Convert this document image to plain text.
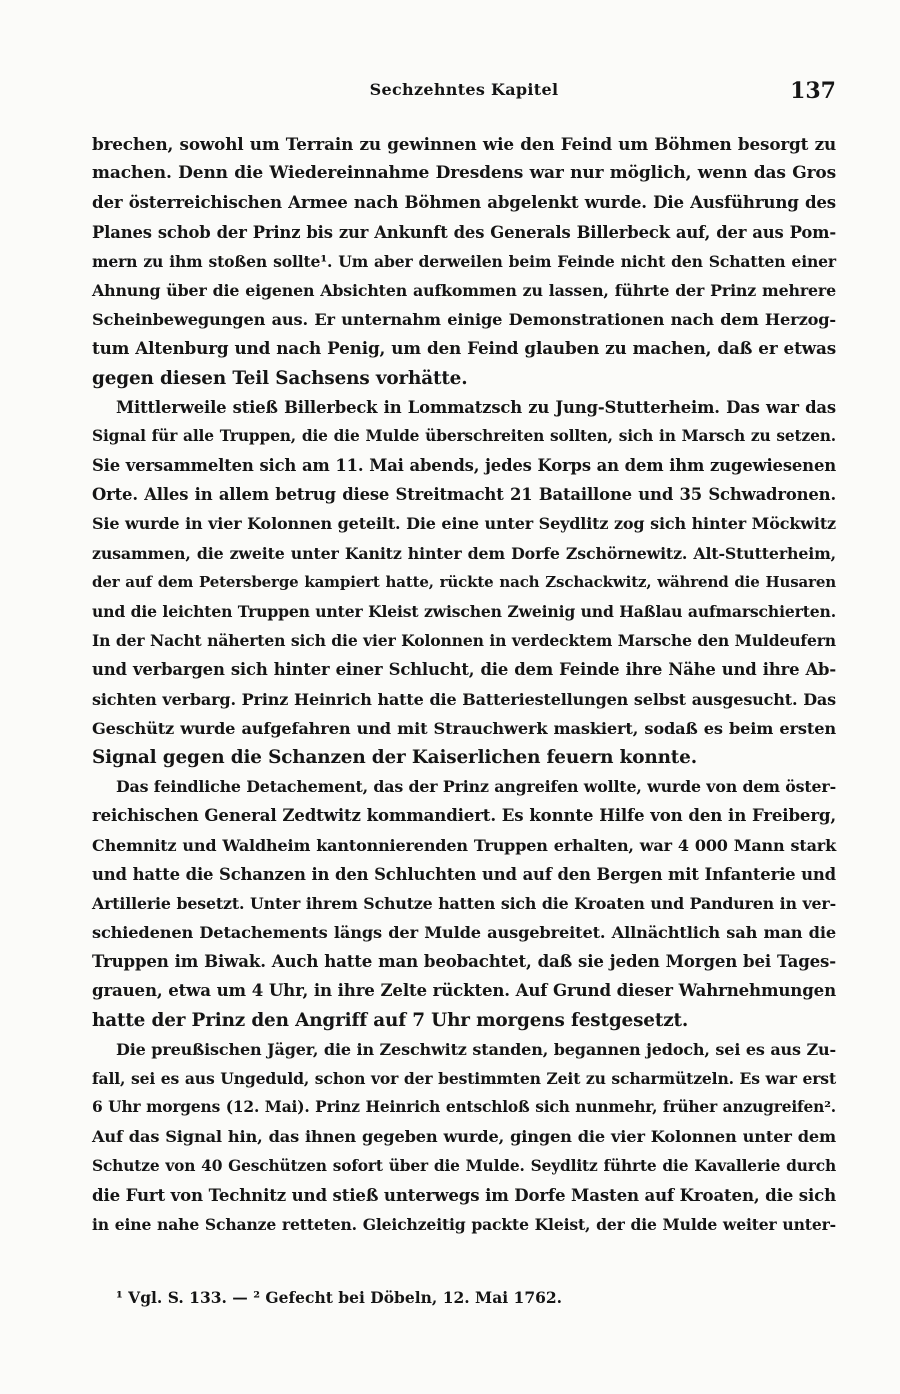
Sechzehntes Kapitel	137
brechen, sowohl um Terrain zu gewinnen wie den Feind um Böhmen besorgt zu
machen. Denn die Wiedereinnahme Dresdens war nur möglich, wenn das Gros
der österreichischen Armee nach Böhmen abgelenkt wurde. Die Ausführung des
Planes schob der Prinz bis zur Ankunft des Generals Billerbeck auf, der aus Pom-
mern zu ihm stoßen sollte¹. Um aber derweilen beim Feinde nicht den Schatten einer
Ahnung über die eigenen Absichten aufkommen zu lassen, führte der Prinz mehrere
Scheinbewegungen aus. Er unternahm einige Demonstrationen nach dem Herzog-
tum Altenburg und nach Penig, um den Feind glauben zu machen, daß er etwas
gegen diesen Teil Sachsens vorhätte.
Mittlerweile stieß Billerbeck in Lommatzsch zu Jung-Stutterheim. Das war das
Signal für alle Truppen, die die Mulde überschreiten sollten, sich in Marsch zu setzen.
Sie versammelten sich am 11. Mai abends, jedes Korps an dem ihm zugewiesenen
Orte. Alles in allem betrug diese Streitmacht 21 Bataillone und 35 Schwadronen.
Sie wurde in vier Kolonnen geteilt. Die eine unter Seydlitz zog sich hinter Möckwitz
zusammen, die zweite unter Kanitz hinter dem Dorfe Zschörnewitz. Alt-Stutterheim,
der auf dem Petersberge kampiert hatte, rückte nach Zschackwitz, während die Husaren
und die leichten Truppen unter Kleist zwischen Zweinig und Haßlau aufmarschierten.
In der Nacht näherten sich die vier Kolonnen in verdecktem Marsche den Muldeufern
und verbargen sich hinter einer Schlucht, die dem Feinde ihre Nähe und ihre Ab-
sichten verbarg. Prinz Heinrich hatte die Batteriestellungen selbst ausgesucht. Das
Geschütz wurde aufgefahren und mit Strauchwerk maskiert, sodaß es beim ersten
Signal gegen die Schanzen der Kaiserlichen feuern konnte.
Das feindliche Detachement, das der Prinz angreifen wollte, wurde von dem öster-
reichischen General Zedtwitz kommandiert. Es konnte Hilfe von den in Freiberg,
Chemnitz und Waldheim kantonnierenden Truppen erhalten, war 4 000 Mann stark
und hatte die Schanzen in den Schluchten und auf den Bergen mit Infanterie und
Artillerie besetzt. Unter ihrem Schutze hatten sich die Kroaten und Panduren in ver-
schiedenen Detachements längs der Mulde ausgebreitet. Allnächtlich sah man die
Truppen im Biwak. Auch hatte man beobachtet, daß sie jeden Morgen bei Tages-
grauen, etwa um 4 Uhr, in ihre Zelte rückten. Auf Grund dieser Wahrnehmungen
hatte der Prinz den Angriff auf 7 Uhr morgens festgesetzt.
Die preußischen Jäger, die in Zeschwitz standen, begannen jedoch, sei es aus Zu-
fall, sei es aus Ungeduld, schon vor der bestimmten Zeit zu scharmützeln. Es war erst
6 Uhr morgens (12. Mai). Prinz Heinrich entschloß sich nunmehr, früher anzugreifen².
Auf das Signal hin, das ihnen gegeben wurde, gingen die vier Kolonnen unter dem
Schutze von 40 Geschützen sofort über die Mulde. Seydlitz führte die Kavallerie durch
die Furt von Technitz und stieß unterwegs im Dorfe Masten auf Kroaten, die sich
in eine nahe Schanze retteten. Gleichzeitig packte Kleist, der die Mulde weiter unter-
¹ Vgl. S. 133. — ² Gefecht bei Döbeln, 12. Mai 1762.
